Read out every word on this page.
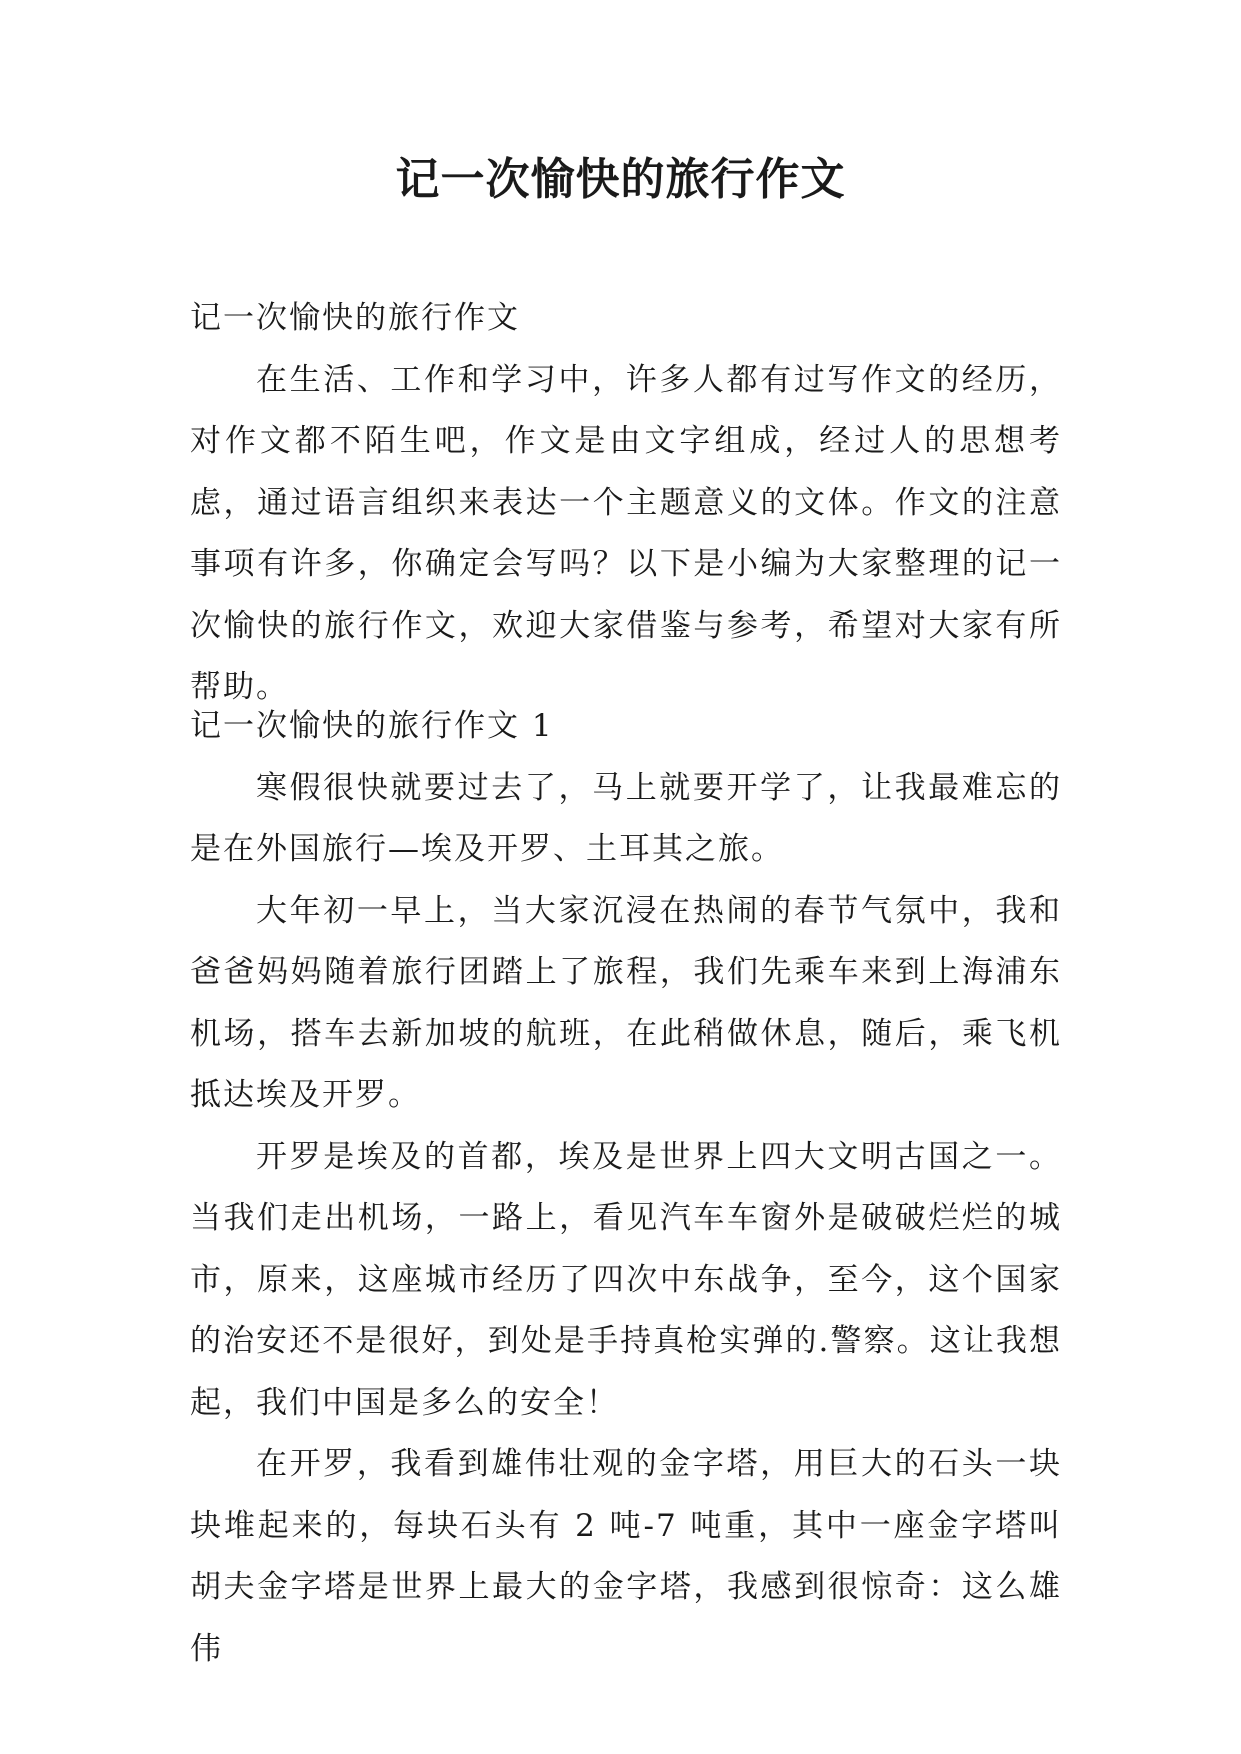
记一次愉快的旅行作文

记一次愉快的旅行作文

在生活、工作和学习中，许多人都有过写作文的经历，对作文都不陌生吧，作文是由文字组成，经过人的思想考虑，通过语言组织来表达一个主题意义的文体。作文的注意事项有许多，你确定会写吗？以下是小编为大家整理的记一次愉快的旅行作文，欢迎大家借鉴与参考，希望对大家有所帮助。

记一次愉快的旅行作文 1

寒假很快就要过去了，马上就要开学了，让我最难忘的是在外国旅行—埃及开罗、土耳其之旅。

大年初一早上，当大家沉浸在热闹的春节气氛中，我和爸爸妈妈随着旅行团踏上了旅程，我们先乘车来到上海浦东机场，搭车去新加坡的航班，在此稍做休息，随后，乘飞机抵达埃及开罗。

开罗是埃及的首都，埃及是世界上四大文明古国之一。当我们走出机场，一路上，看见汽车车窗外是破破烂烂的城市，原来，这座城市经历了四次中东战争，至今，这个国家的治安还不是很好，到处是手持真枪实弹的.警察。这让我想起，我们中国是多么的安全！

在开罗，我看到雄伟壮观的金字塔，用巨大的石头一块块堆起来的，每块石头有 2 吨-7 吨重，其中一座金字塔叫胡夫金字塔是世界上最大的金字塔，我感到很惊奇：这么雄伟
